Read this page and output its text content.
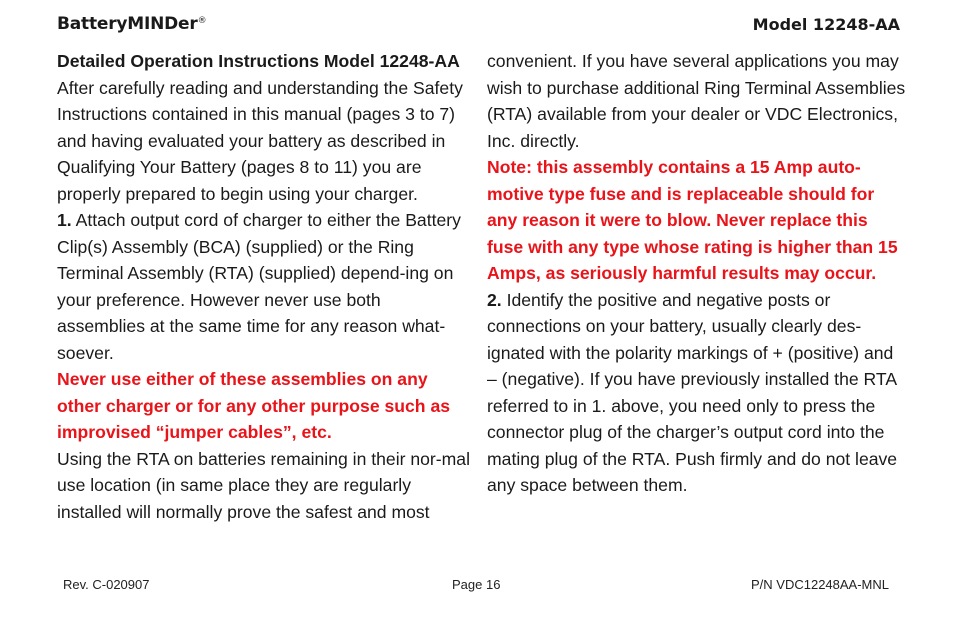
BatteryMINDer®	Model 12248-AA

Detailed Operation Instructions Model 12248-AA

After carefully reading and understanding the Safety Instructions contained in this manual (pages 3 to 7) and having evaluated your battery as described in Qualifying Your Battery (pages 8 to 11) you are properly prepared to begin using your charger.

1. Attach output cord of charger to either the Battery Clip(s) Assembly (BCA) (supplied) or the Ring Terminal Assembly (RTA) (supplied) depend-ing on your preference. However never use both assemblies at the same time for any reason what-soever.

Never use either of these assemblies on any other charger or for any other purpose such as improvised “jumper cables”, etc.

Using the RTA on batteries remaining in their nor-mal use location (in same place they are regularly installed will normally prove the safest and most

convenient. If you have several applications you may wish to purchase additional Ring Terminal Assemblies (RTA) available from your dealer or VDC Electronics, Inc. directly.

Note: this assembly contains a 15 Amp auto-motive type fuse and is replaceable should for any reason it were to blow. Never replace this fuse with any type whose rating is higher than 15 Amps, as seriously harmful results may occur.

2. Identify the positive and negative posts or connections on your battery, usually clearly des-ignated with the polarity markings of + (positive) and – (negative). If you have previously installed the RTA referred to in 1. above, you need only to press the connector plug of the charger’s output cord into the mating plug of the RTA. Push firmly and do not leave any space between them.

Rev. C-020907	Page 16	P/N VDC12248AA-MNL
